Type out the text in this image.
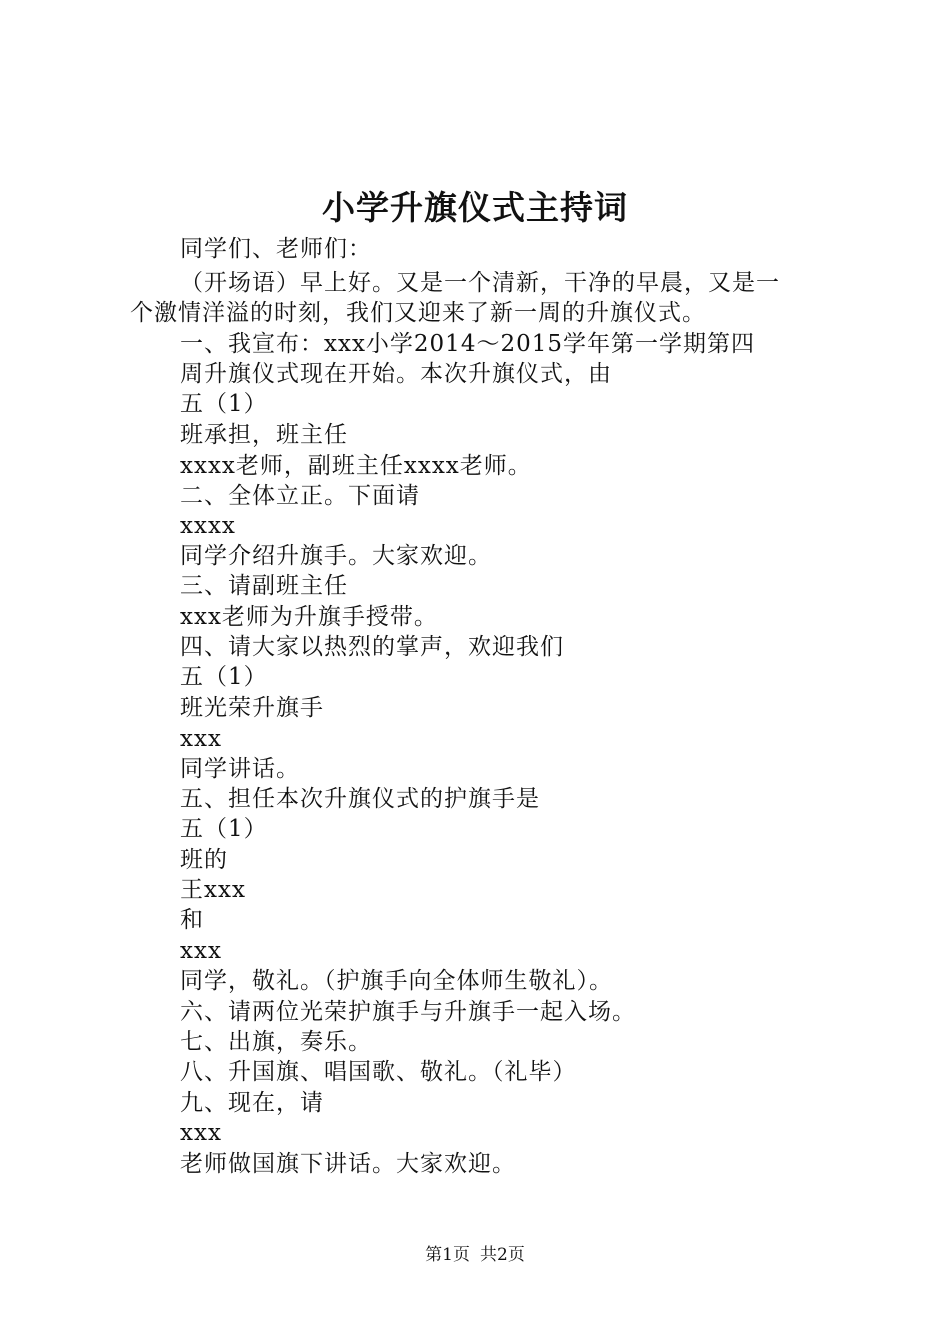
小学升旗仪式主持词
同学们、老师们：
（开场语）早上好。又是一个清新，干净的早晨，又是一
个激情洋溢的时刻，我们又迎来了新一周的升旗仪式。
一、我宣布：xxx小学2014～2015学年第一学期第四
周升旗仪式现在开始。本次升旗仪式，由
五（1）
班承担，班主任
xxxx老师，副班主任xxxx老师。
二、全体立正。下面请
xxxx
同学介绍升旗手。大家欢迎。
三、请副班主任
xxx老师为升旗手授带。
四、请大家以热烈的掌声，欢迎我们
五（1）
班光荣升旗手
xxx
同学讲话。
五、担任本次升旗仪式的护旗手是
五（1）
班的
王xxx
和
xxx
同学，敬礼。（护旗手向全体师生敬礼）。
六、请两位光荣护旗手与升旗手一起入场。
七、出旗，奏乐。
八、升国旗、唱国歌、敬礼。（礼毕）
九、现在，请
xxx
老师做国旗下讲话。大家欢迎。
第1页 共2页
